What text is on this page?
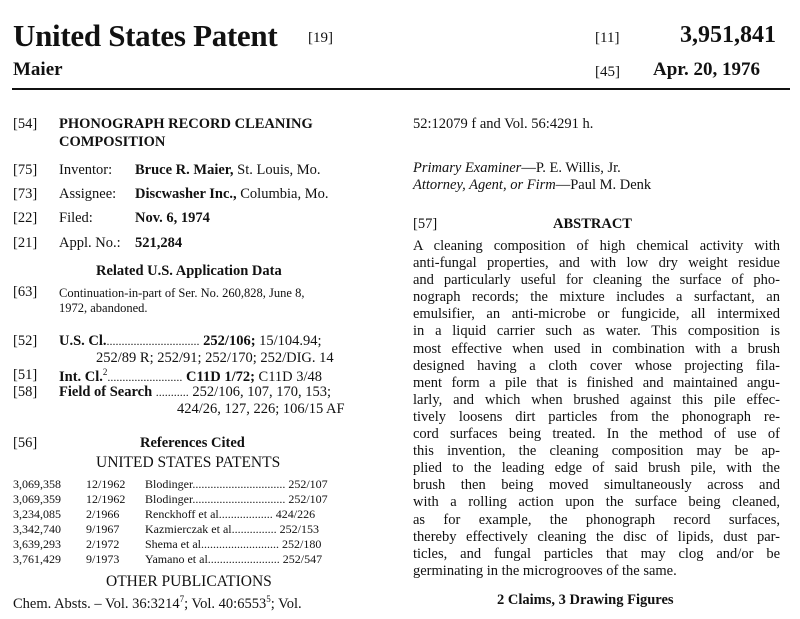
United States Patent [19]
Maier
[11]	3,951,841
[45] Apr. 20, 1976
[54] PHONOGRAPH RECORD CLEANING
COMPOSITION
[75] Inventor: Bruce R. Maier, St. Louis, Mo.
[73] Assignee: Discwasher Inc., Columbia, Mo.
[22] Filed:	Nov. 6, 1974
[21] Appl. No.: 521,284
Related U.S. Application Data
[63] Continuation-in-part of Ser. No. 260,828, June 8,
1972, abandoned.
[52] U.S. Cl................................ 252/106; 15/104.94;
252/89 R; 252/91; 252/170; 252/DIG. 14
[51] Int. Cl.$^2$......................... C11D 1/72; C11D 3/48
[58] Field of Search ........... 252/106, 107, 170, 153;
424/26, 127, 226; 106/15 AF
[56]	References Cited
UNITED STATES PATENTS
3,069,358 12/1962 Blodinger............................... 252/107
3,069,359 12/1962 Blodinger............................... 252/107
3,234,085 2/1966 Renckhoff et al.................. 424/226
3,342,740 9/1967 Kazmierczak et al............... 252/153
3,639,293 2/1972 Shema et al.......................... 252/180
3,761,429 9/1973 Yamano et al........................ 252/547
OTHER PUBLICATIONS
Chem. Absts. – Vol. 36:3214$^7$; Vol. 40:6553$^5$; Vol.
52:12079 f and Vol. 56:4291 h.
Primary Examiner—P. E. Willis, Jr.
Attorney, Agent, or Firm—Paul M. Denk
[57]	ABSTRACT
A cleaning composition of high chemical activity with
anti-fungal properties, and with low dry weight residue
and particularly useful for cleaning the surface of pho-
nograph records; the mixture includes a surfactant, an
emulsifier, an anti-microbe or fungicide, all intermixed
in a liquid carrier such as water. This composition is
most effective when used in combination with a brush
designed having a cloth cover whose projecting fila-
ment form a pile that is finished and maintained angu-
larly, and which when brushed against this pile effec-
tively loosens dirt particles from the phonograph re-
cord surfaces being treated. In the method of use of
this invention, the cleaning composition may be ap-
plied to the leading edge of said brush pile, with the
brush then being moved simultaneously across and
with a rolling action upon the surface being cleaned,
as for example, the phonograph record surfaces,
thereby effectively cleaning the disc of lipids, dust par-
ticles, and fungal particles that may clog and/or be
germinating in the microgrooves of the same.
2 Claims, 3 Drawing Figures
